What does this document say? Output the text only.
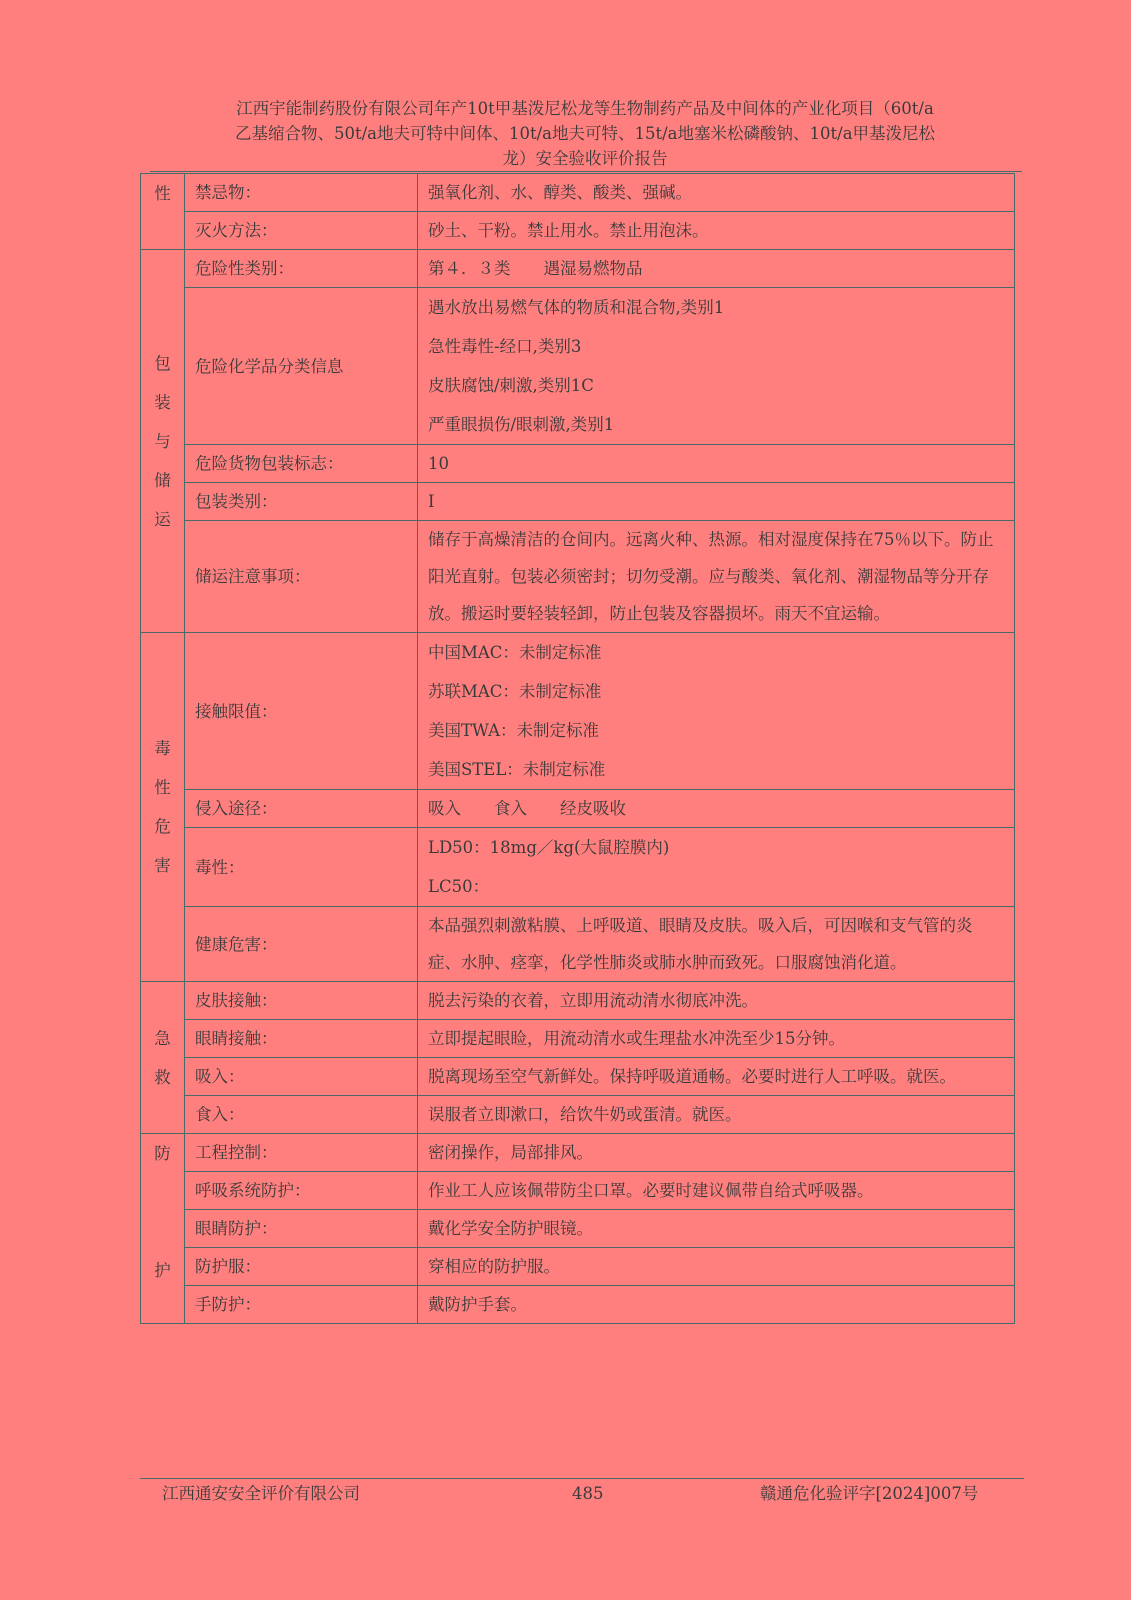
江西宇能制药股份有限公司年产10t甲基泼尼松龙等生物制药产品及中间体的产业化项目（60t/a
乙基缩合物、50t/a地夫可特中间体、10t/a地夫可特、15t/a地塞米松磷酸钠、10t/a甲基泼尼松
龙）安全验收评价报告
性	禁忌物：	强氧化剂、水、醇类、酸类、强碱。
	灭火方法：	砂土、干粉。禁止用水。禁止用泡沫。

包
装
与
储
运	危险性类别：	第４．３类　　遇湿易燃物品
	危险化学品分类信息	遇水放出易燃气体的物质和混合物,类别1
急性毒性-经口,类别3
皮肤腐蚀/刺激,类别1C
严重眼损伤/眼刺激,类别1

	危险货物包装标志：	10
	包装类别：	Ⅰ
	储运注意事项：	储存于高燥清洁的仓间内。远离火种、热源。相对湿度保持在75％以下。防止阳光直射。包装必须密封；切勿受潮。应与酸类、氧化剂、潮湿物品等分开存放。搬运时要轻装轻卸，防止包装及容器损坏。雨天不宜运输。

毒
性
危
害	接触限值：	中国MAC：未制定标准
苏联MAC：未制定标准
美国TWA：未制定标准
美国STEL：未制定标准

	侵入途径：	吸入　　食入　　经皮吸收
	毒性：	LD50：18mg／kg(大鼠腔膜内)
LC50：

	健康危害：	本品强烈刺激粘膜、上呼吸道、眼睛及皮肤。吸入后，可因喉和支气管的炎症、水肿、痉挛，化学性肺炎或肺水肿而致死。口服腐蚀消化道。

急
救	皮肤接触：	脱去污染的衣着，立即用流动清水彻底冲洗。
	眼睛接触：	立即提起眼睑，用流动清水或生理盐水冲洗至少15分钟。
	吸入：	脱离现场至空气新鲜处。保持呼吸道通畅。必要时进行人工呼吸。就医。
	食入：	误服者立即漱口，给饮牛奶或蛋清。就医。

防
护	工程控制：	密闭操作，局部排风。
	呼吸系统防护：	作业工人应该佩带防尘口罩。必要时建议佩带自给式呼吸器。
	眼睛防护：	戴化学安全防护眼镜。
	防护服：	穿相应的防护服。
	手防护：	戴防护手套。
江西通安安全评价有限公司	485	赣通危化验评字[2024]007号
